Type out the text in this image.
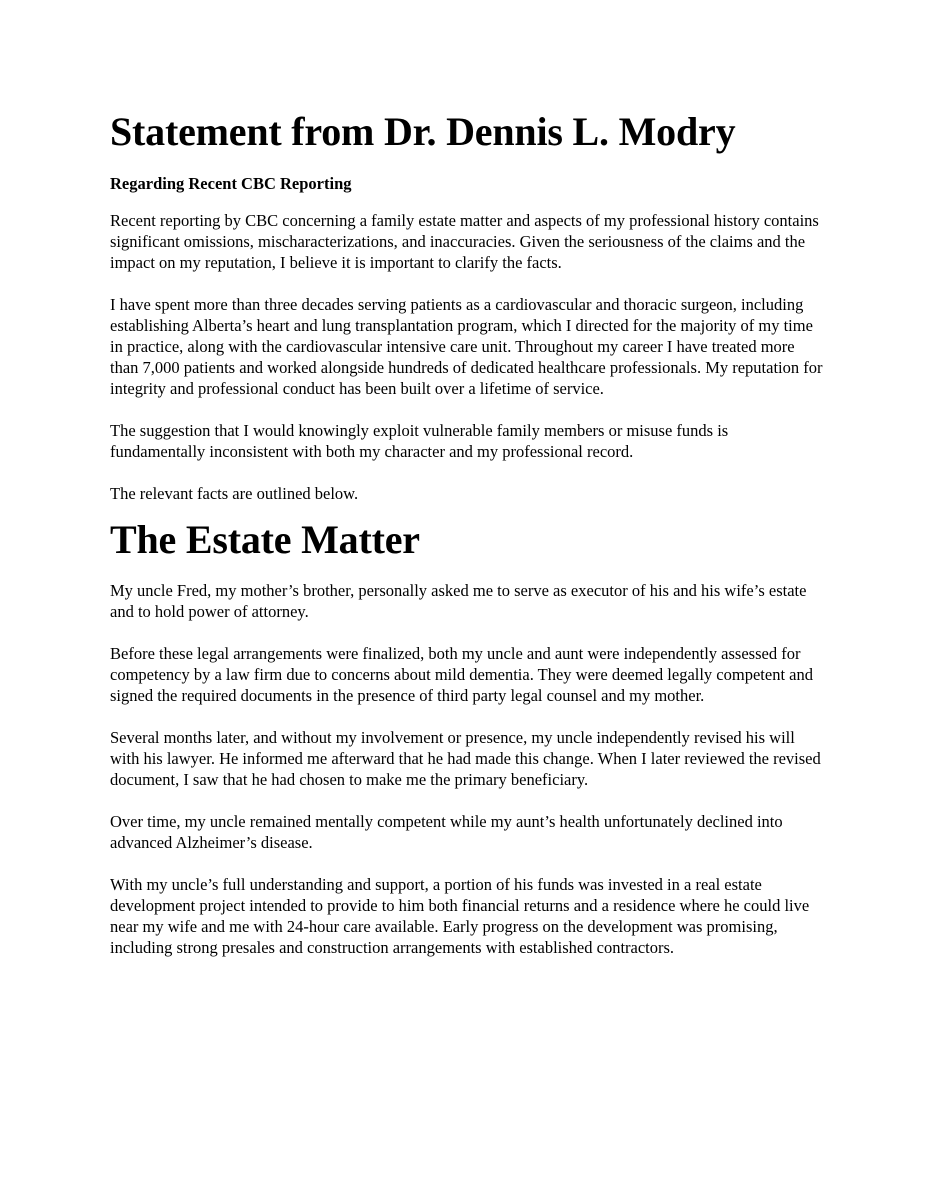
Statement from Dr. Dennis L. Modry
Regarding Recent CBC Reporting

Recent reporting by CBC concerning a family estate matter and aspects of my professional history contains significant omissions, mischaracterizations, and inaccuracies. Given the seriousness of the claims and the impact on my reputation, I believe it is important to clarify the facts.

I have spent more than three decades serving patients as a cardiovascular and thoracic surgeon, including establishing Alberta’s heart and lung transplantation program, which I directed for the majority of my time in practice, along with the cardiovascular intensive care unit. Throughout my career I have treated more than 7,000 patients and worked alongside hundreds of dedicated healthcare professionals. My reputation for integrity and professional conduct has been built over a lifetime of service.

The suggestion that I would knowingly exploit vulnerable family members or misuse funds is fundamentally inconsistent with both my character and my professional record.

The relevant facts are outlined below.

The Estate Matter

My uncle Fred, my mother’s brother, personally asked me to serve as executor of his and his wife’s estate and to hold power of attorney.

Before these legal arrangements were finalized, both my uncle and aunt were independently assessed for competency by a law firm due to concerns about mild dementia. They were deemed legally competent and signed the required documents in the presence of third party legal counsel and my mother.

Several months later, and without my involvement or presence, my uncle independently revised his will with his lawyer. He informed me afterward that he had made this change. When I later reviewed the revised document, I saw that he had chosen to make me the primary beneficiary.

Over time, my uncle remained mentally competent while my aunt’s health unfortunately declined into advanced Alzheimer’s disease.

With my uncle’s full understanding and support, a portion of his funds was invested in a real estate development project intended to provide to him both financial returns and a residence where he could live near my wife and me with 24-hour care available. Early progress on the development was promising, including strong presales and construction arrangements with established contractors.
